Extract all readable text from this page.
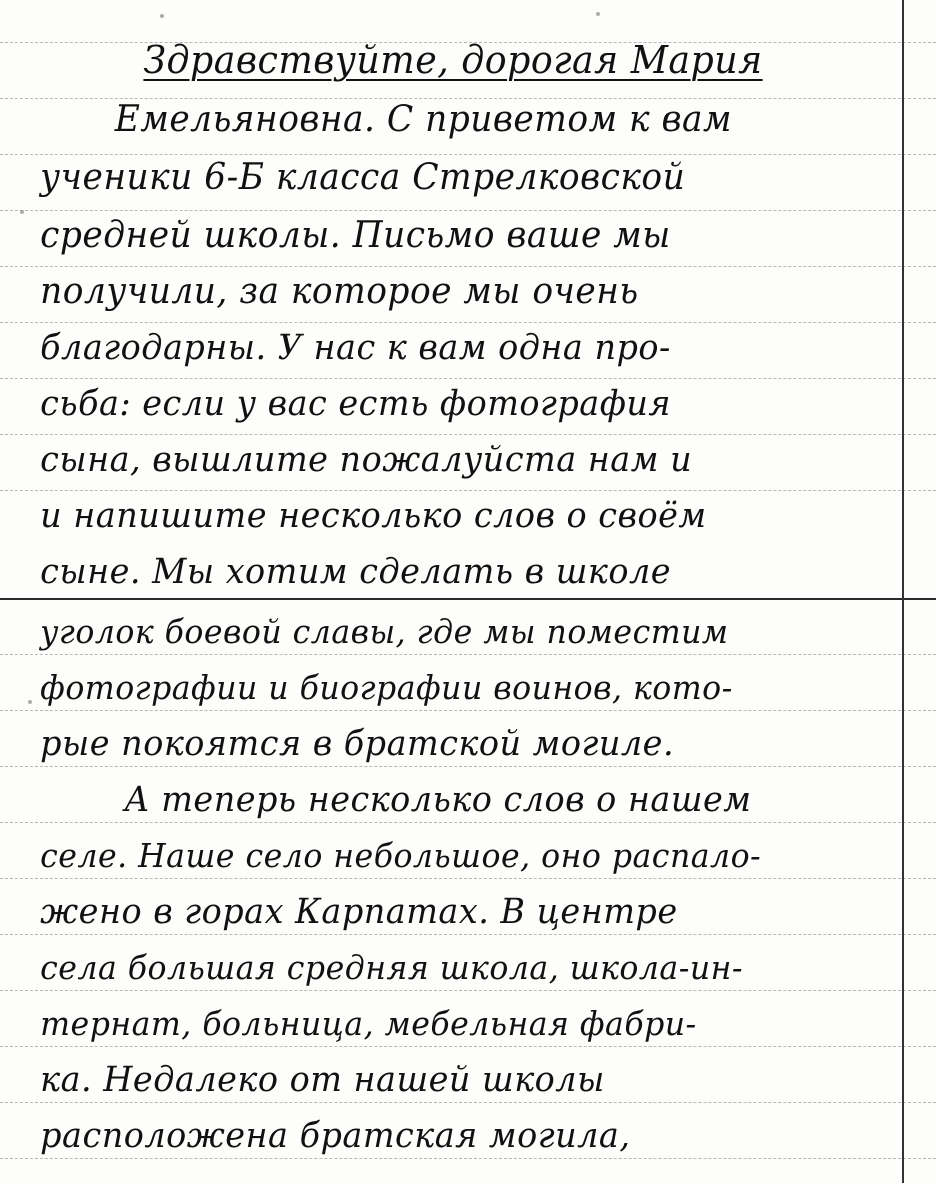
Здравствуйте, дорогая Мария
Емельяновна. С приветом к вам
ученики 6-Б класса Стрелковской
средней школы. Письмо ваше мы
получили, за которое мы очень
благодарны. У нас к вам одна про-
сьба: если у вас есть фотография
сына, вышлите пожалуйста нам и
и напишите несколько слов о своём
сыне. Мы хотим сделать в школе
уголок боевой славы, где мы поместим
фотографии и биографии воинов, кото-
рые покоятся в братской могиле.
А теперь несколько слов о нашем
селе. Наше село небольшое, оно распало-
жено в горах Карпатах. В центре
села большая средняя школа, школа-ин-
тернат, больница, мебельная фабри-
ка. Недалеко от нашей школы
расположена братская могила,
